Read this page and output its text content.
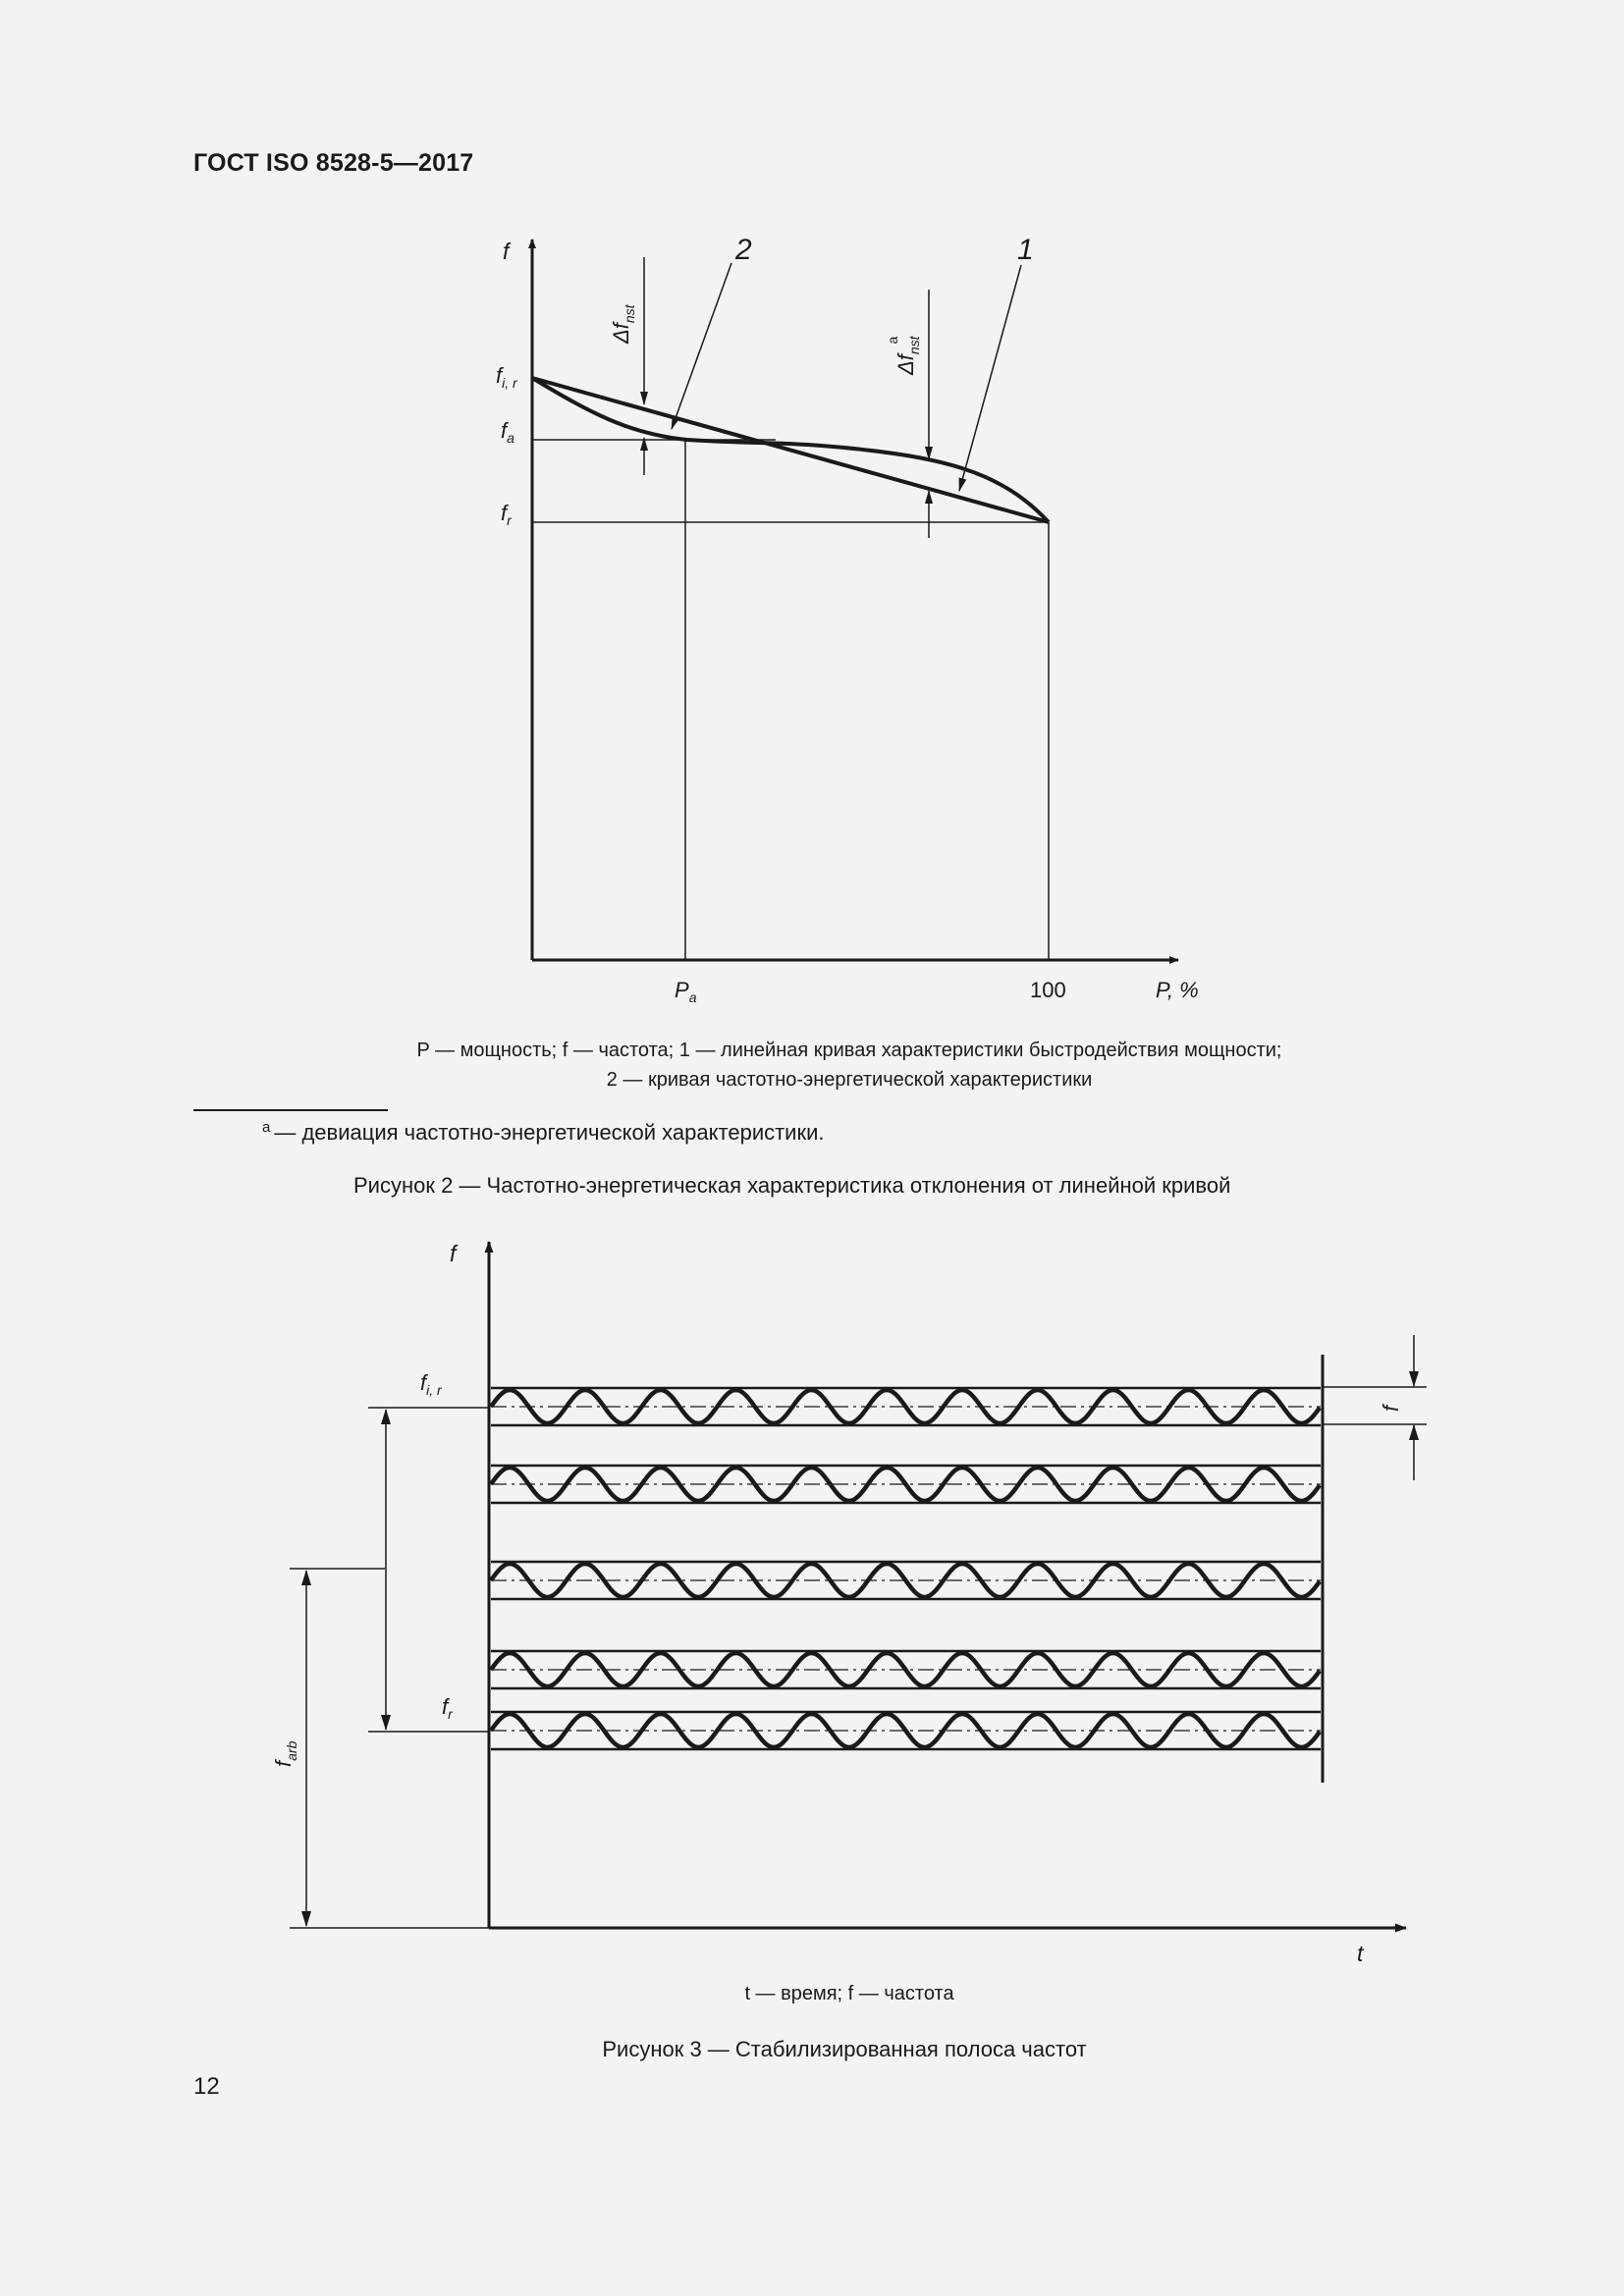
ГОСТ ISO 8528-5—2017
f
$f_{i, r}$
$f_a$
$f_r$
$P_a$	100	P, %
2	1
$\Delta f_{nst}$
$\Delta f_{nst}a$
P — мощность; f — частота; 1 — линейная кривая характеристики быстродействия мощности;
2 — кривая частотно-энергетической характеристики
$^a$ — девиация частотно-энергетической характеристики.
Рисунок 2 — Частотно-энергетическая характеристика отклонения от линейной кривой
f
t
$f_{i, r}$
$f_r$
$f_{arb}$
f
t — время; f — частота
Рисунок 3 — Стабилизированная полоса частот
12
